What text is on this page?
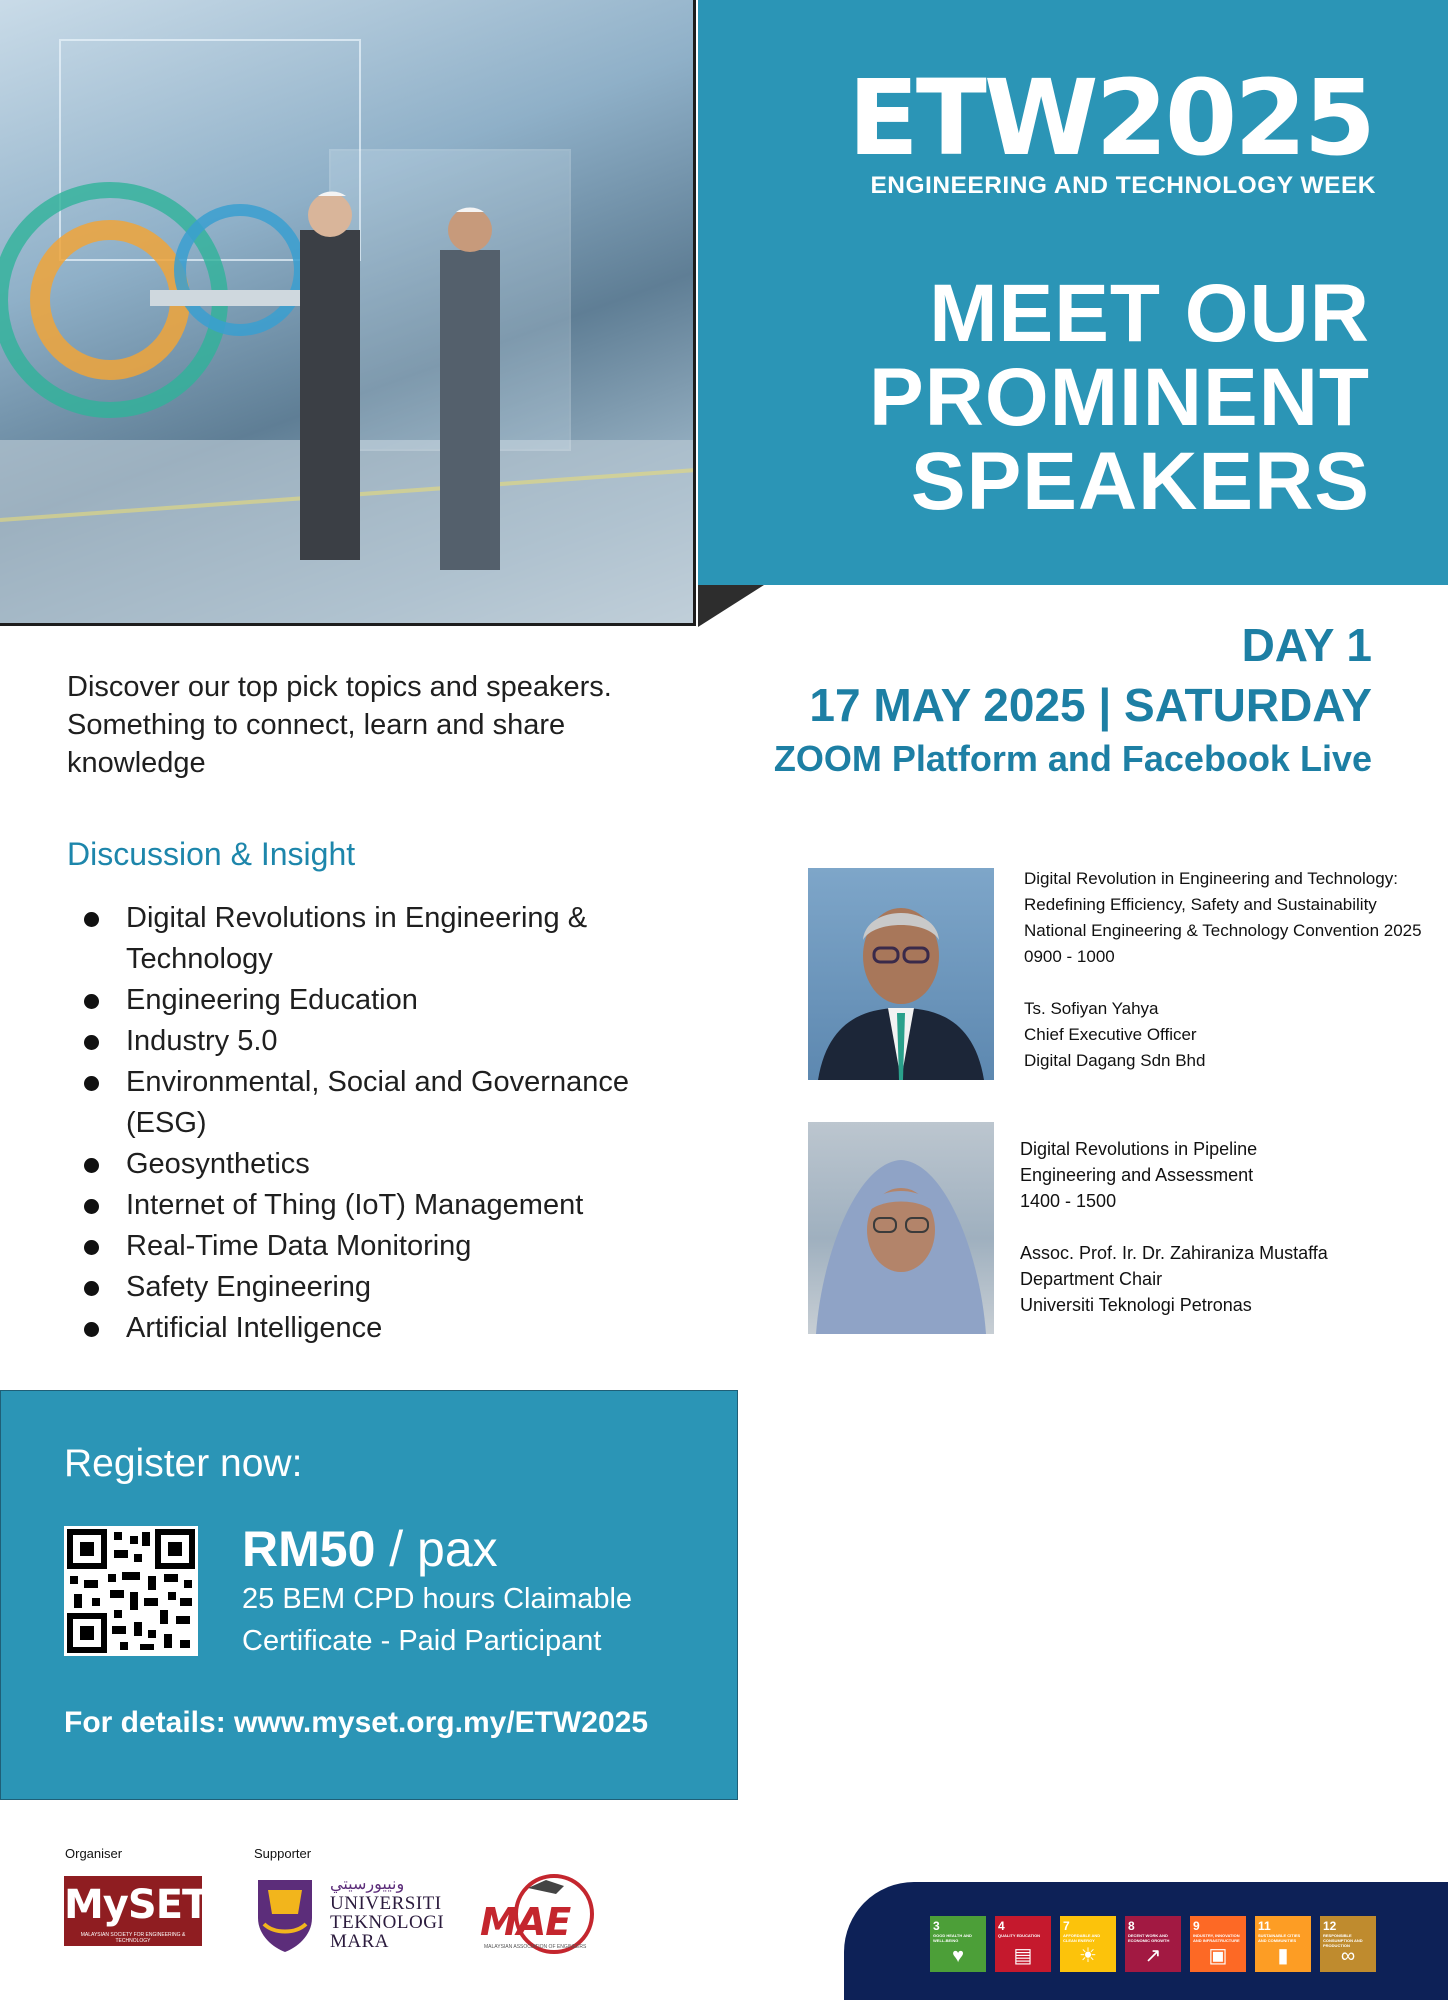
ETW2025
ENGINEERING AND TECHNOLOGY WEEK
MEET OUR
PROMINENT
SPEAKERS
DAY 1
17 MAY 2025 | SATURDAY
ZOOM Platform and Facebook Live
Discover our top pick topics and speakers. Something to connect, learn and share knowledge
Discussion & Insight
Digital Revolutions in Engineering & Technology
Engineering Education
Industry 5.0
Environmental, Social and Governance (ESG)
Geosynthetics
Internet of Thing (IoT) Management
Real-Time Data Monitoring
Safety Engineering
Artificial Intelligence
Digital Revolution in Engineering and Technology:
Redefining Efficiency, Safety and Sustainability
National Engineering & Technology Convention 2025
0900 - 1000
Ts. Sofiyan Yahya
Chief Executive Officer
Digital Dagang Sdn Bhd
Digital Revolutions in Pipeline
Engineering and Assessment
1400 - 1500
Assoc. Prof. Ir. Dr. Zahiraniza Mustaffa
Department Chair
Universiti Teknologi Petronas
Register now:
RM50 / pax
25 BEM CPD hours Claimable
Certificate - Paid Participant
For details: www.myset.org.my/ETW2025
Organiser	Supporter
MySET
MALAYSIAN SOCIETY FOR ENGINEERING & TECHNOLOGY
ونييورسيتي
UNIVERSITI
TEKNOLOGI
MARA	MAE
MALAYSIAN ASSOCIATION OF ENGINEERS
3
GOOD HEALTH AND WELL-BEING
♥
4
QUALITY EDUCATION
▤
7
AFFORDABLE AND CLEAN ENERGY
☀
8
DECENT WORK AND ECONOMIC GROWTH
↗
9
INDUSTRY, INNOVATION AND INFRASTRUCTURE
▣
11
SUSTAINABLE CITIES AND COMMUNITIES
▮
12
RESPONSIBLE CONSUMPTION AND PRODUCTION
∞
